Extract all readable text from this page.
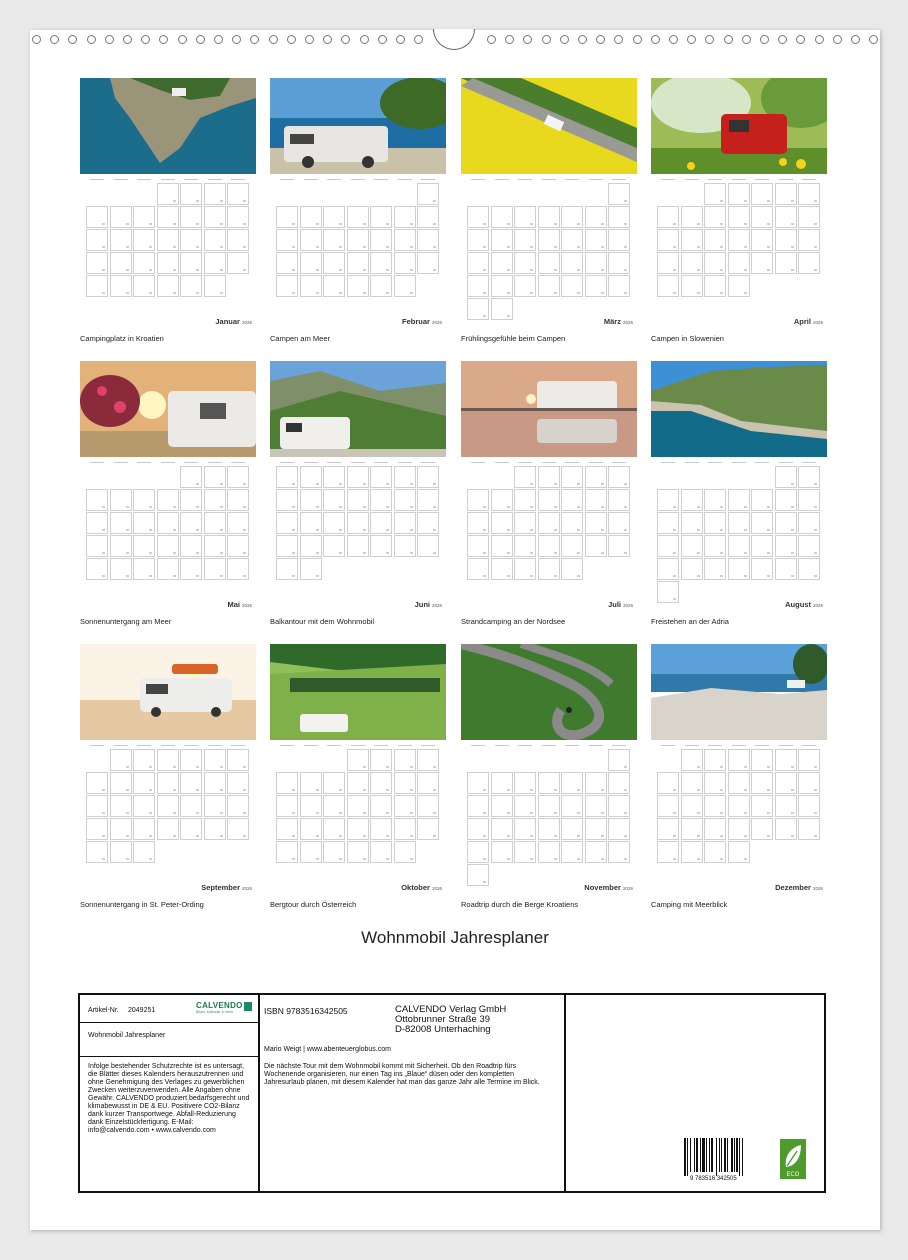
Januar 2026
Campingplatz in Kroatien
Februar 2026
Campen am Meer
März 2026
Frühlingsgefühle beim Campen
April 2026
Campen in Slowenien
Mai 2026
Sonnenuntergang am Meer
Juni 2026
Balkantour mit dem Wohnmobil
Juli 2026
Strandcamping an der Nordsee
August 2026
Freistehen an der Adria
September 2026
Sonnenuntergang in St. Peter-Ording
Oktober 2026
Bergtour durch Österreich
November 2026
Roadtrip durch die Berge Kroatiens
Dezember 2026
Camping mit Meerblick
Wohnmobil Jahresplaner
Artikel-Nr. 2049251
CALVENDO
Bilder, Kalender & mehr
Wohnmobil Jahresplaner
Infolge bestehender Schutzrechte ist es untersagt, die Blätter dieses Kalenders herauszutrennen und ohne Genehmigung des Verlages zu gewerblichen Zwecken weiterzuverwenden. Alle Angaben ohne Gewähr. CALVENDO produziert bedarfsgerecht und klimabewusst in DE & EU. Positivere CO2-Bilanz dank kurzer Transportwege. Abfall-Reduzierung dank Einzelstückfertigung. E-Mail: info@calvendo.com • www.calvendo.com
ISBN 9783516342505	CALVENDO Verlag GmbH
Ottobrunner Straße 39
D-82008 Unterhaching
Mario Weigt | www.abenteuerglobus.com
Die nächste Tour mit dem Wohnmobil kommt mit Sicherheit. Ob den Roadtrip fürs Wochenende organisieren, nur einen Tag ins „Blaue“ düsen oder den kompletten Jahresurlaub planen, mit diesem Kalender hat man das ganze Jahr alle Termine im Blick.
9 783516 342505
ECO
